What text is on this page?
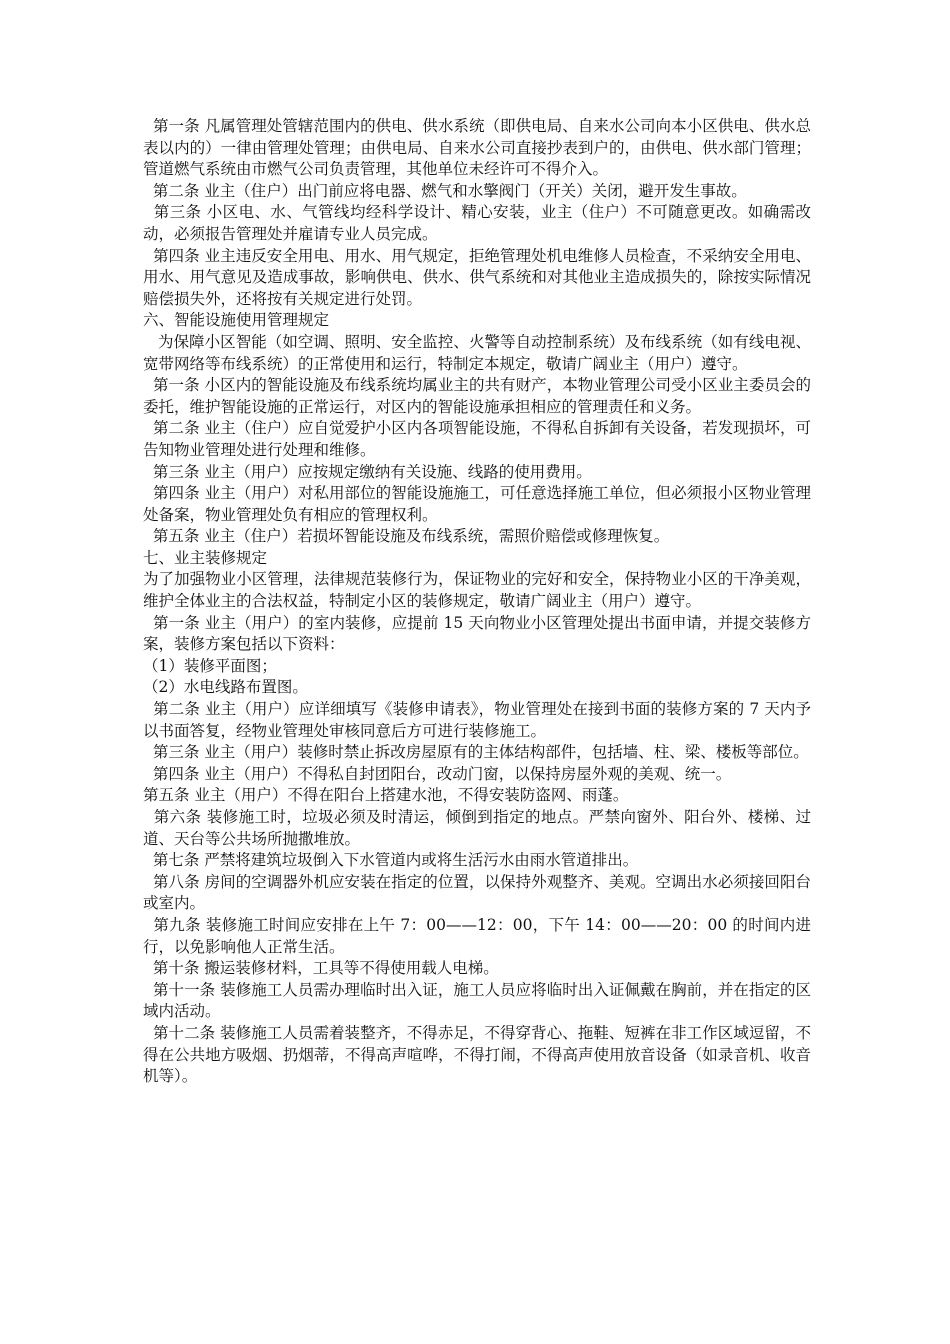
第一条 凡属管理处管辖范围内的供电、供水系统（即供电局、自来水公司向本小区供电、供水总表以内的）一律由管理处管理；由供电局、自来水公司直接抄表到户的，由供电、供水部门管理；管道燃气系统由市燃气公司负责管理，其他单位未经许可不得介入。

第二条 业主（住户）出门前应将电器、燃气和水擎阀门（开关）关闭，避开发生事故。

第三条 小区电、水、气管线均经科学设计、精心安装，业主（住户）不可随意更改。如确需改动，必须报告管理处并雇请专业人员完成。

第四条 业主违反安全用电、用水、用气规定，拒绝管理处机电维修人员检查，不采纳安全用电、用水、用气意见及造成事故，影响供电、供水、供气系统和对其他业主造成损失的，除按实际情况赔偿损失外，还将按有关规定进行处罚。

六、智能设施使用管理规定

为保障小区智能（如空调、照明、安全监控、火警等自动控制系统）及布线系统（如有线电视、宽带网络等布线系统）的正常使用和运行，特制定本规定，敬请广阔业主（用户）遵守。

第一条 小区内的智能设施及布线系统均属业主的共有财产，本物业管理公司受小区业主委员会的委托，维护智能设施的正常运行，对区内的智能设施承担相应的管理责任和义务。

第二条 业主（住户）应自觉爱护小区内各项智能设施，不得私自拆卸有关设备，若发现损坏，可告知物业管理处进行处理和维修。

第三条 业主（用户）应按规定缴纳有关设施、线路的使用费用。

第四条 业主（用户）对私用部位的智能设施施工，可任意选择施工单位，但必须报小区物业管理处备案，物业管理处负有相应的管理权利。

第五条 业主（住户）若损坏智能设施及布线系统，需照价赔偿或修理恢复。

七、业主装修规定

为了加强物业小区管理，法律规范装修行为，保证物业的完好和安全，保持物业小区的干净美观，维护全体业主的合法权益，特制定小区的装修规定，敬请广阔业主（用户）遵守。

第一条 业主（用户）的室内装修，应提前 15 天向物业小区管理处提出书面申请，并提交装修方案，装修方案包括以下资料：

（1）装修平面图；

（2）水电线路布置图。

第二条 业主（用户）应详细填写《装修申请表》，物业管理处在接到书面的装修方案的 7 天内予以书面答复，经物业管理处审核同意后方可进行装修施工。

第三条 业主（用户）装修时禁止拆改房屋原有的主体结构部件，包括墙、柱、梁、楼板等部位。

第四条 业主（用户）不得私自封团阳台，改动门窗，以保持房屋外观的美观、统一。

第五条 业主（用户）不得在阳台上搭建水池，不得安装防盗网、雨蓬。

第六条 装修施工时，垃圾必须及时清运，倾倒到指定的地点。严禁向窗外、阳台外、楼梯、过道、天台等公共场所抛撒堆放。

第七条 严禁将建筑垃圾倒入下水管道内或将生活污水由雨水管道排出。

第八条 房间的空调器外机应安装在指定的位置，以保持外观整齐、美观。空调出水必须接回阳台或室内。

第九条 装修施工时间应安排在上午 7：00——12：00，下午 14：00——20：00 的时间内进行，以免影响他人正常生活。

第十条 搬运装修材料，工具等不得使用载人电梯。

第十一条 装修施工人员需办理临时出入证，施工人员应将临时出入证佩戴在胸前，并在指定的区域内活动。

第十二条 装修施工人员需着装整齐，不得赤足，不得穿背心、拖鞋、短裤在非工作区域逗留，不得在公共地方吸烟、扔烟蒂，不得高声喧哗，不得打闹，不得高声使用放音设备（如录音机、收音机等）。
